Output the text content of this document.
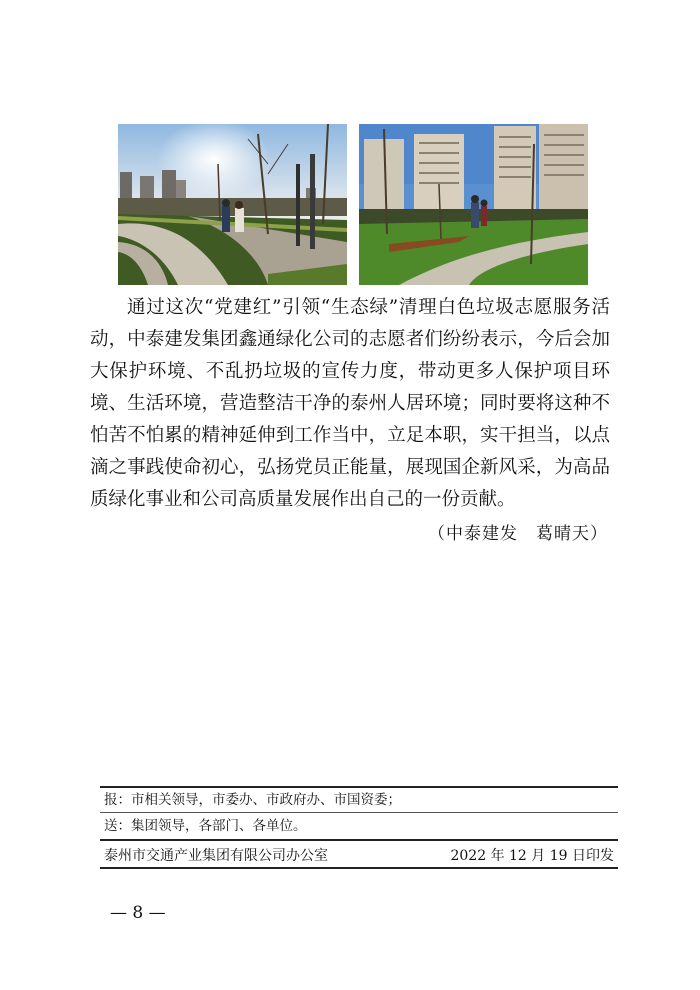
通过这次“党建红”引领“生态绿”清理白色垃圾志愿服务活动，中泰建发集团鑫通绿化公司的志愿者们纷纷表示，今后会加大保护环境、不乱扔垃圾的宣传力度，带动更多人保护项目环境、生活环境，营造整洁干净的泰州人居环境；同时要将这种不怕苦不怕累的精神延伸到工作当中，立足本职，实干担当，以点滴之事践使命初心，弘扬党员正能量，展现国企新风采，为高品质绿化事业和公司高质量发展作出自己的一份贡献。

（中泰建发　葛晴天）
报：市相关领导，市委办、市政府办、市国资委；
送：集团领导，各部门、各单位。
泰州市交通产业集团有限公司办公室	2022 年 12 月 19 日印发
— 8 —
